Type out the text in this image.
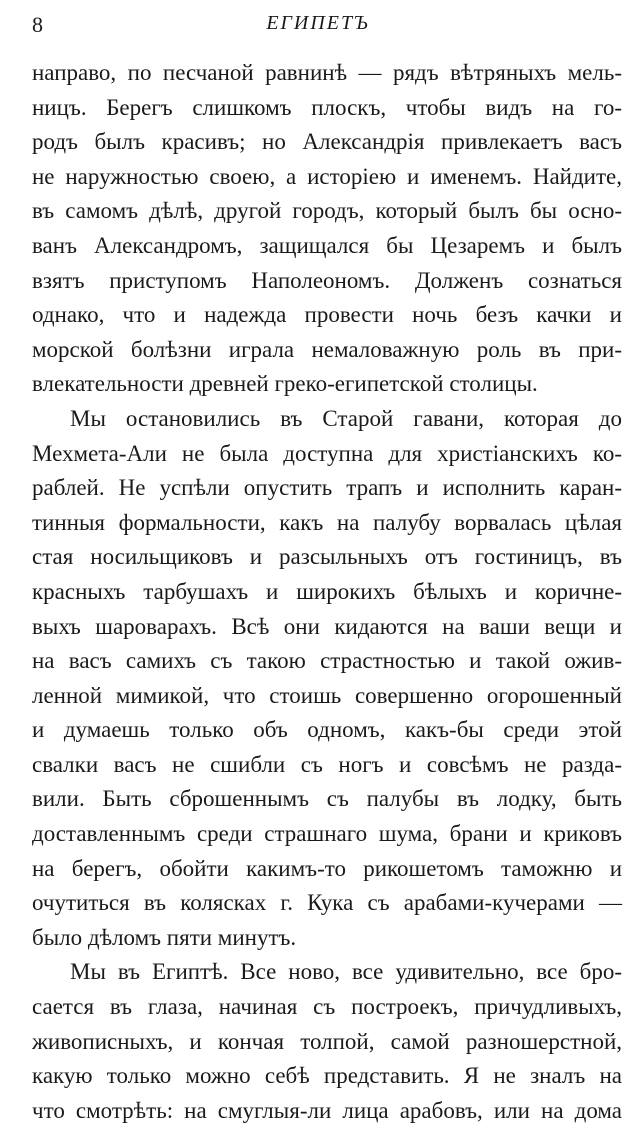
8	ЕГИПЕТЪ
направо, по песчаной равнинѣ — рядъ вѣтряныхъ мель-
ницъ. Берегъ слишкомъ плоскъ, чтобы видъ на го-
родъ былъ красивъ; но Александрія привлекаетъ васъ
не наружностью своею, а исторіею и именемъ. Найдите,
въ самомъ дѣлѣ, другой городъ, который былъ бы осно-
ванъ Александромъ, защищался бы Цезаремъ и былъ
взятъ приступомъ Наполеономъ. Долженъ сознаться
однако, что и надежда провести ночь безъ качки и
морской болѣзни играла немаловажную роль въ при-
влекательности древней греко-египетской столицы.
Мы остановились въ Старой гавани, которая до
Мехмета-Али не была доступна для христіанскихъ ко-
раблей. Не успѣли опустить трапъ и исполнить каран-
тинныя формальности, какъ на палубу ворвалась цѣлая
стая носильщиковъ и разсыльныхъ отъ гостиницъ, въ
красныхъ тарбушахъ и широкихъ бѣлыхъ и коричне-
выхъ шароварахъ. Всѣ они кидаются на ваши вещи и
на васъ самихъ съ такою страстностью и такой ожив-
ленной мимикой, что стоишь совершенно огорошенный
и думаешь только объ одномъ, какъ-бы среди этой
свалки васъ не сшибли съ ногъ и совсѣмъ не разда-
вили. Быть сброшеннымъ съ палубы въ лодку, быть
доставленнымъ среди страшнаго шума, брани и криковъ
на берегъ, обойти какимъ-то рикошетомъ таможню и
очутиться въ колясках г. Кука съ арабами-кучерами —
было дѣломъ пяти минутъ.
Мы въ Египтѣ. Все ново, все удивительно, все бро-
сается въ глаза, начиная съ построекъ, причудливыхъ,
живописныхъ, и кончая толпой, самой разношерстной,
какую только можно себѣ представить. Я не зналъ на
что смотрѣть: на смуглыя-ли лица арабовъ, или на дома
